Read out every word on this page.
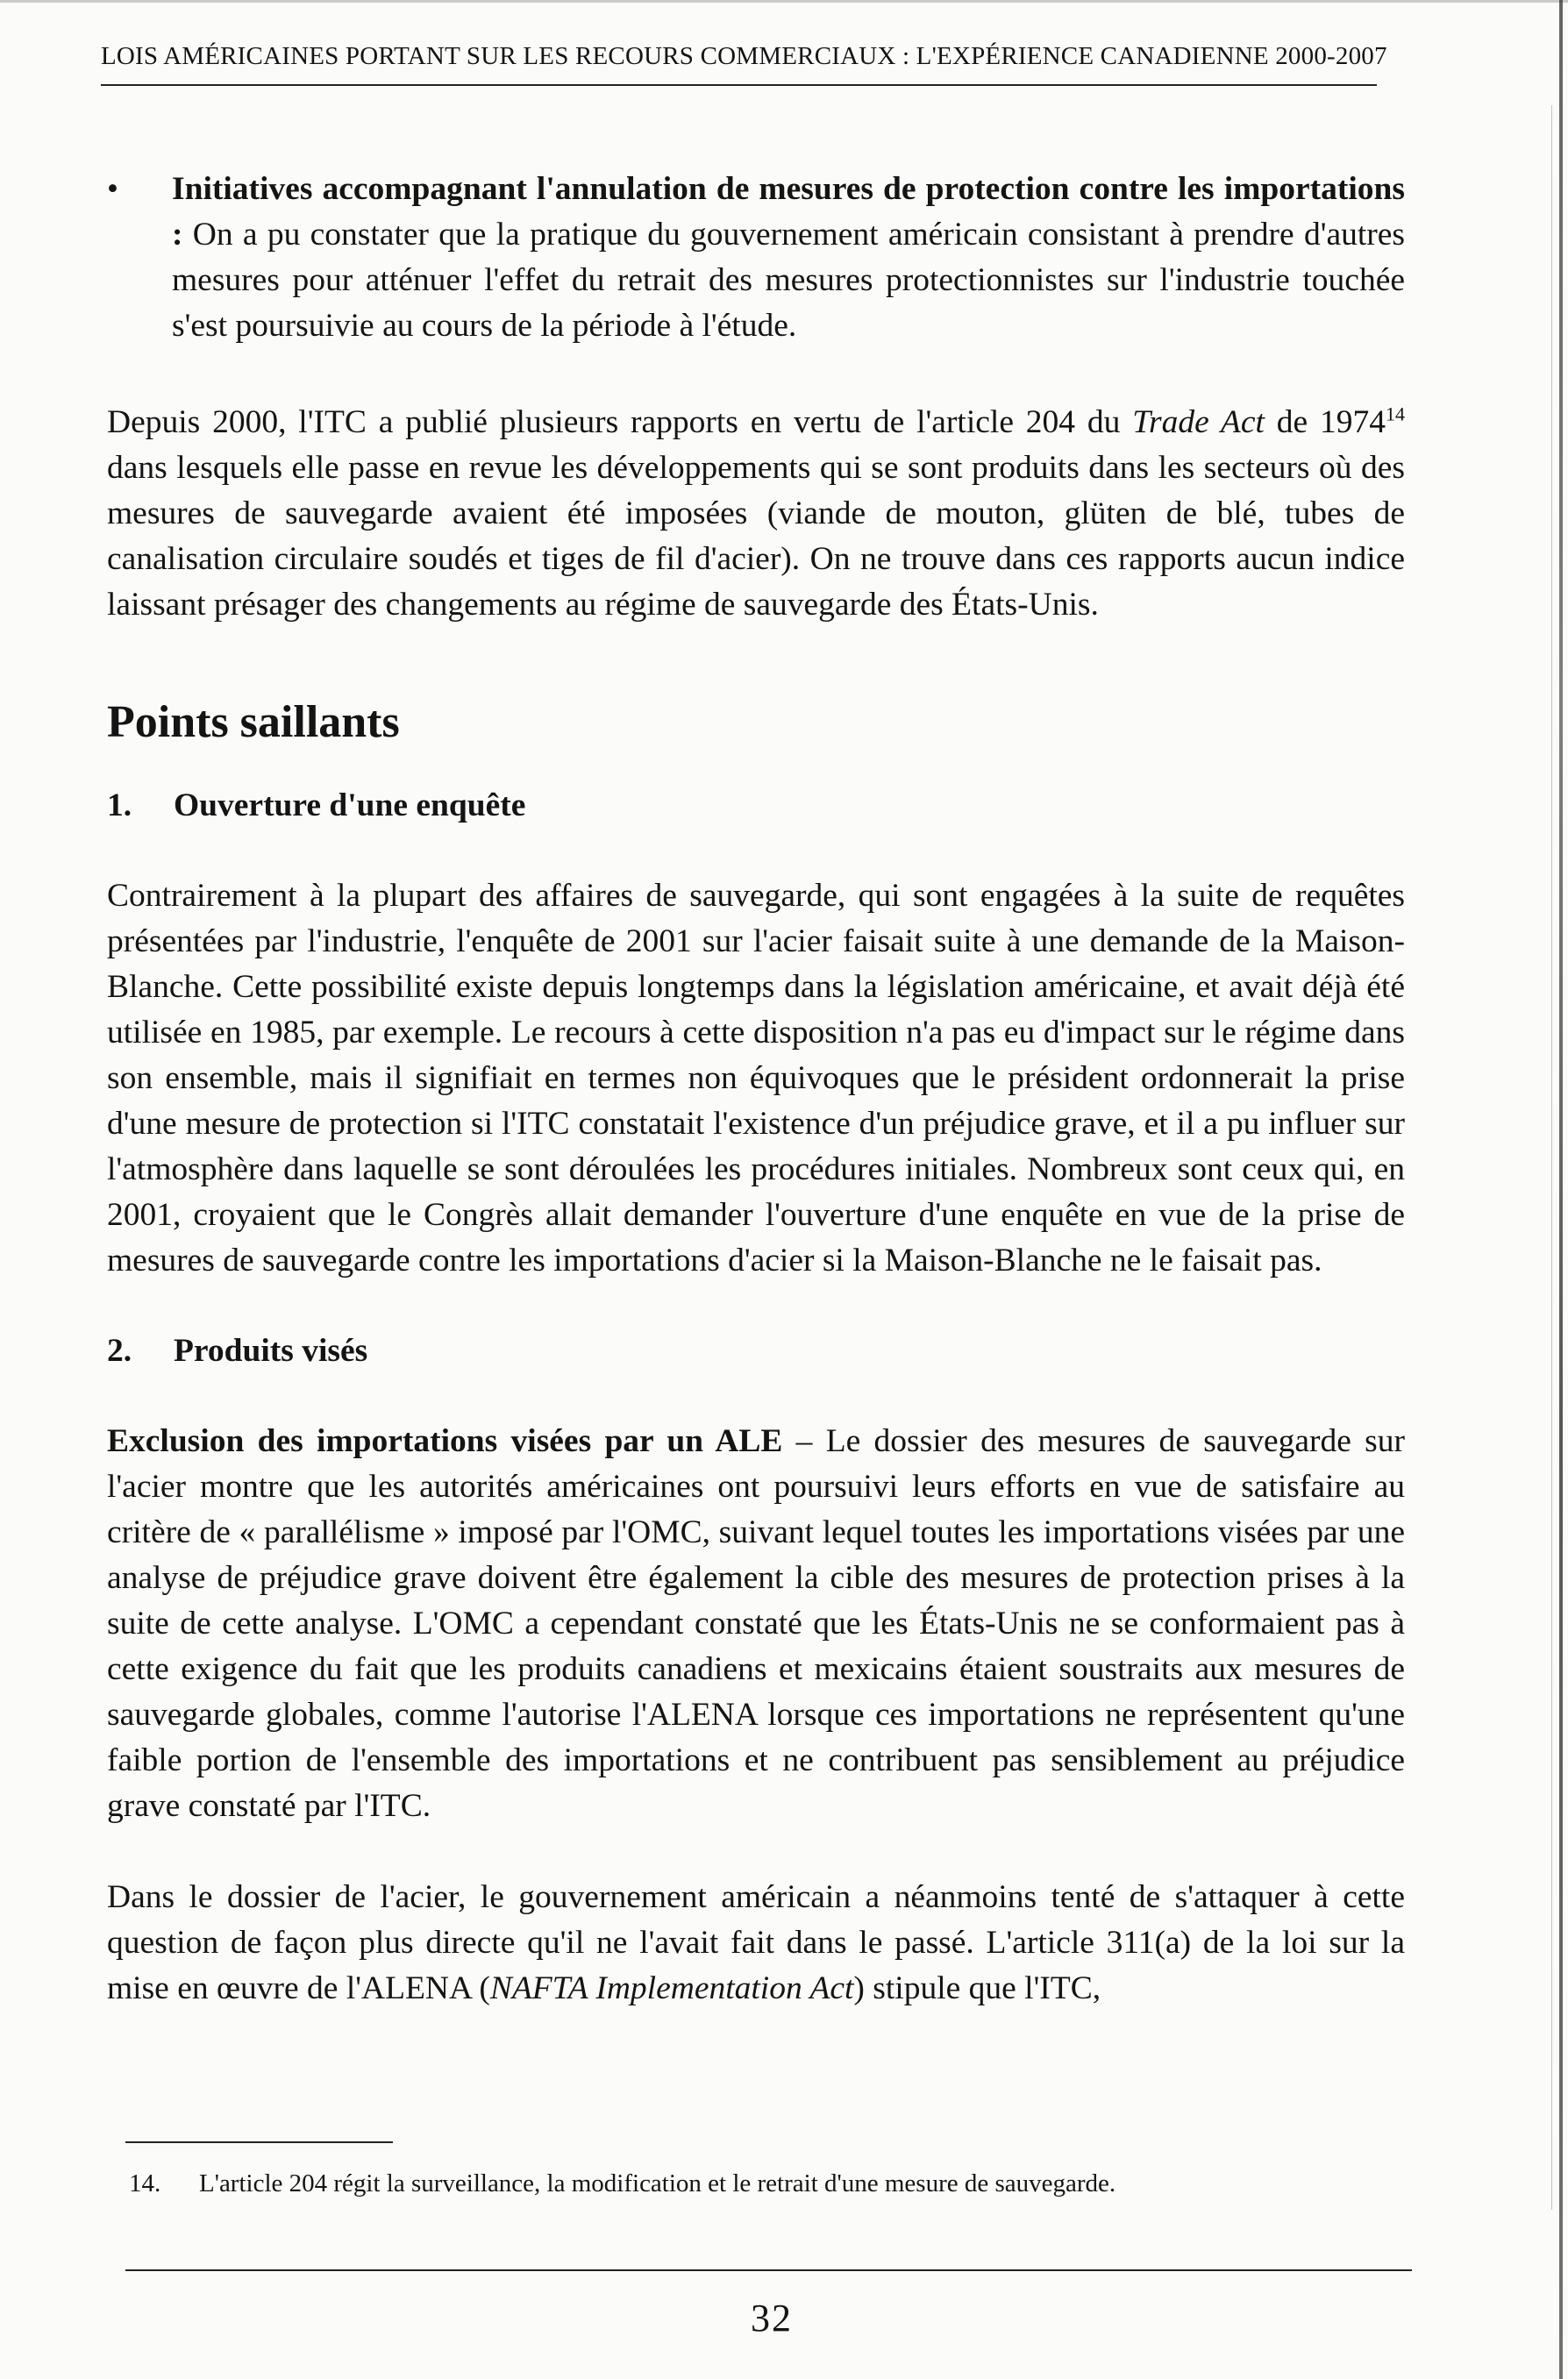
LOIS AMÉRICAINES PORTANT SUR LES RECOURS COMMERCIAUX : L'EXPÉRIENCE CANADIENNE 2000-2007

• Initiatives accompagnant l'annulation de mesures de protection contre les importations : On a pu constater que la pratique du gouvernement américain consistant à prendre d'autres mesures pour atténuer l'effet du retrait des mesures protectionnistes sur l'industrie touchée s'est poursuivie au cours de la période à l'étude.

Depuis 2000, l'ITC a publié plusieurs rapports en vertu de l'article 204 du Trade Act de 1974$^{14}$ dans lesquels elle passe en revue les développements qui se sont produits dans les secteurs où des mesures de sauvegarde avaient été imposées (viande de mouton, glüten de blé, tubes de canalisation circulaire soudés et tiges de fil d'acier). On ne trouve dans ces rapports aucun indice laissant présager des changements au régime de sauvegarde des États-Unis.

Points saillants
1. Ouverture d'une enquête

Contrairement à la plupart des affaires de sauvegarde, qui sont engagées à la suite de requêtes présentées par l'industrie, l'enquête de 2001 sur l'acier faisait suite à une demande de la Maison-Blanche. Cette possibilité existe depuis longtemps dans la législation américaine, et avait déjà été utilisée en 1985, par exemple. Le recours à cette disposition n'a pas eu d'impact sur le régime dans son ensemble, mais il signifiait en termes non équivoques que le président ordonnerait la prise d'une mesure de protection si l'ITC constatait l'existence d'un préjudice grave, et il a pu influer sur l'atmosphère dans laquelle se sont déroulées les procédures initiales. Nombreux sont ceux qui, en 2001, croyaient que le Congrès allait demander l'ouverture d'une enquête en vue de la prise de mesures de sauvegarde contre les importations d'acier si la Maison-Blanche ne le faisait pas.

2. Produits visés

Exclusion des importations visées par un ALE – Le dossier des mesures de sauvegarde sur l'acier montre que les autorités américaines ont poursuivi leurs efforts en vue de satisfaire au critère de « parallélisme » imposé par l'OMC, suivant lequel toutes les importations visées par une analyse de préjudice grave doivent être également la cible des mesures de protection prises à la suite de cette analyse. L'OMC a cependant constaté que les États-Unis ne se conformaient pas à cette exigence du fait que les produits canadiens et mexicains étaient soustraits aux mesures de sauvegarde globales, comme l'autorise l'ALENA lorsque ces importations ne représentent qu'une faible portion de l'ensemble des importations et ne contribuent pas sensiblement au préjudice grave constaté par l'ITC.

Dans le dossier de l'acier, le gouvernement américain a néanmoins tenté de s'attaquer à cette question de façon plus directe qu'il ne l'avait fait dans le passé. L'article 311(a) de la loi sur la mise en œuvre de l'ALENA (NAFTA Implementation Act) stipule que l'ITC,

14. L'article 204 régit la surveillance, la modification et le retrait d'une mesure de sauvegarde.
32
